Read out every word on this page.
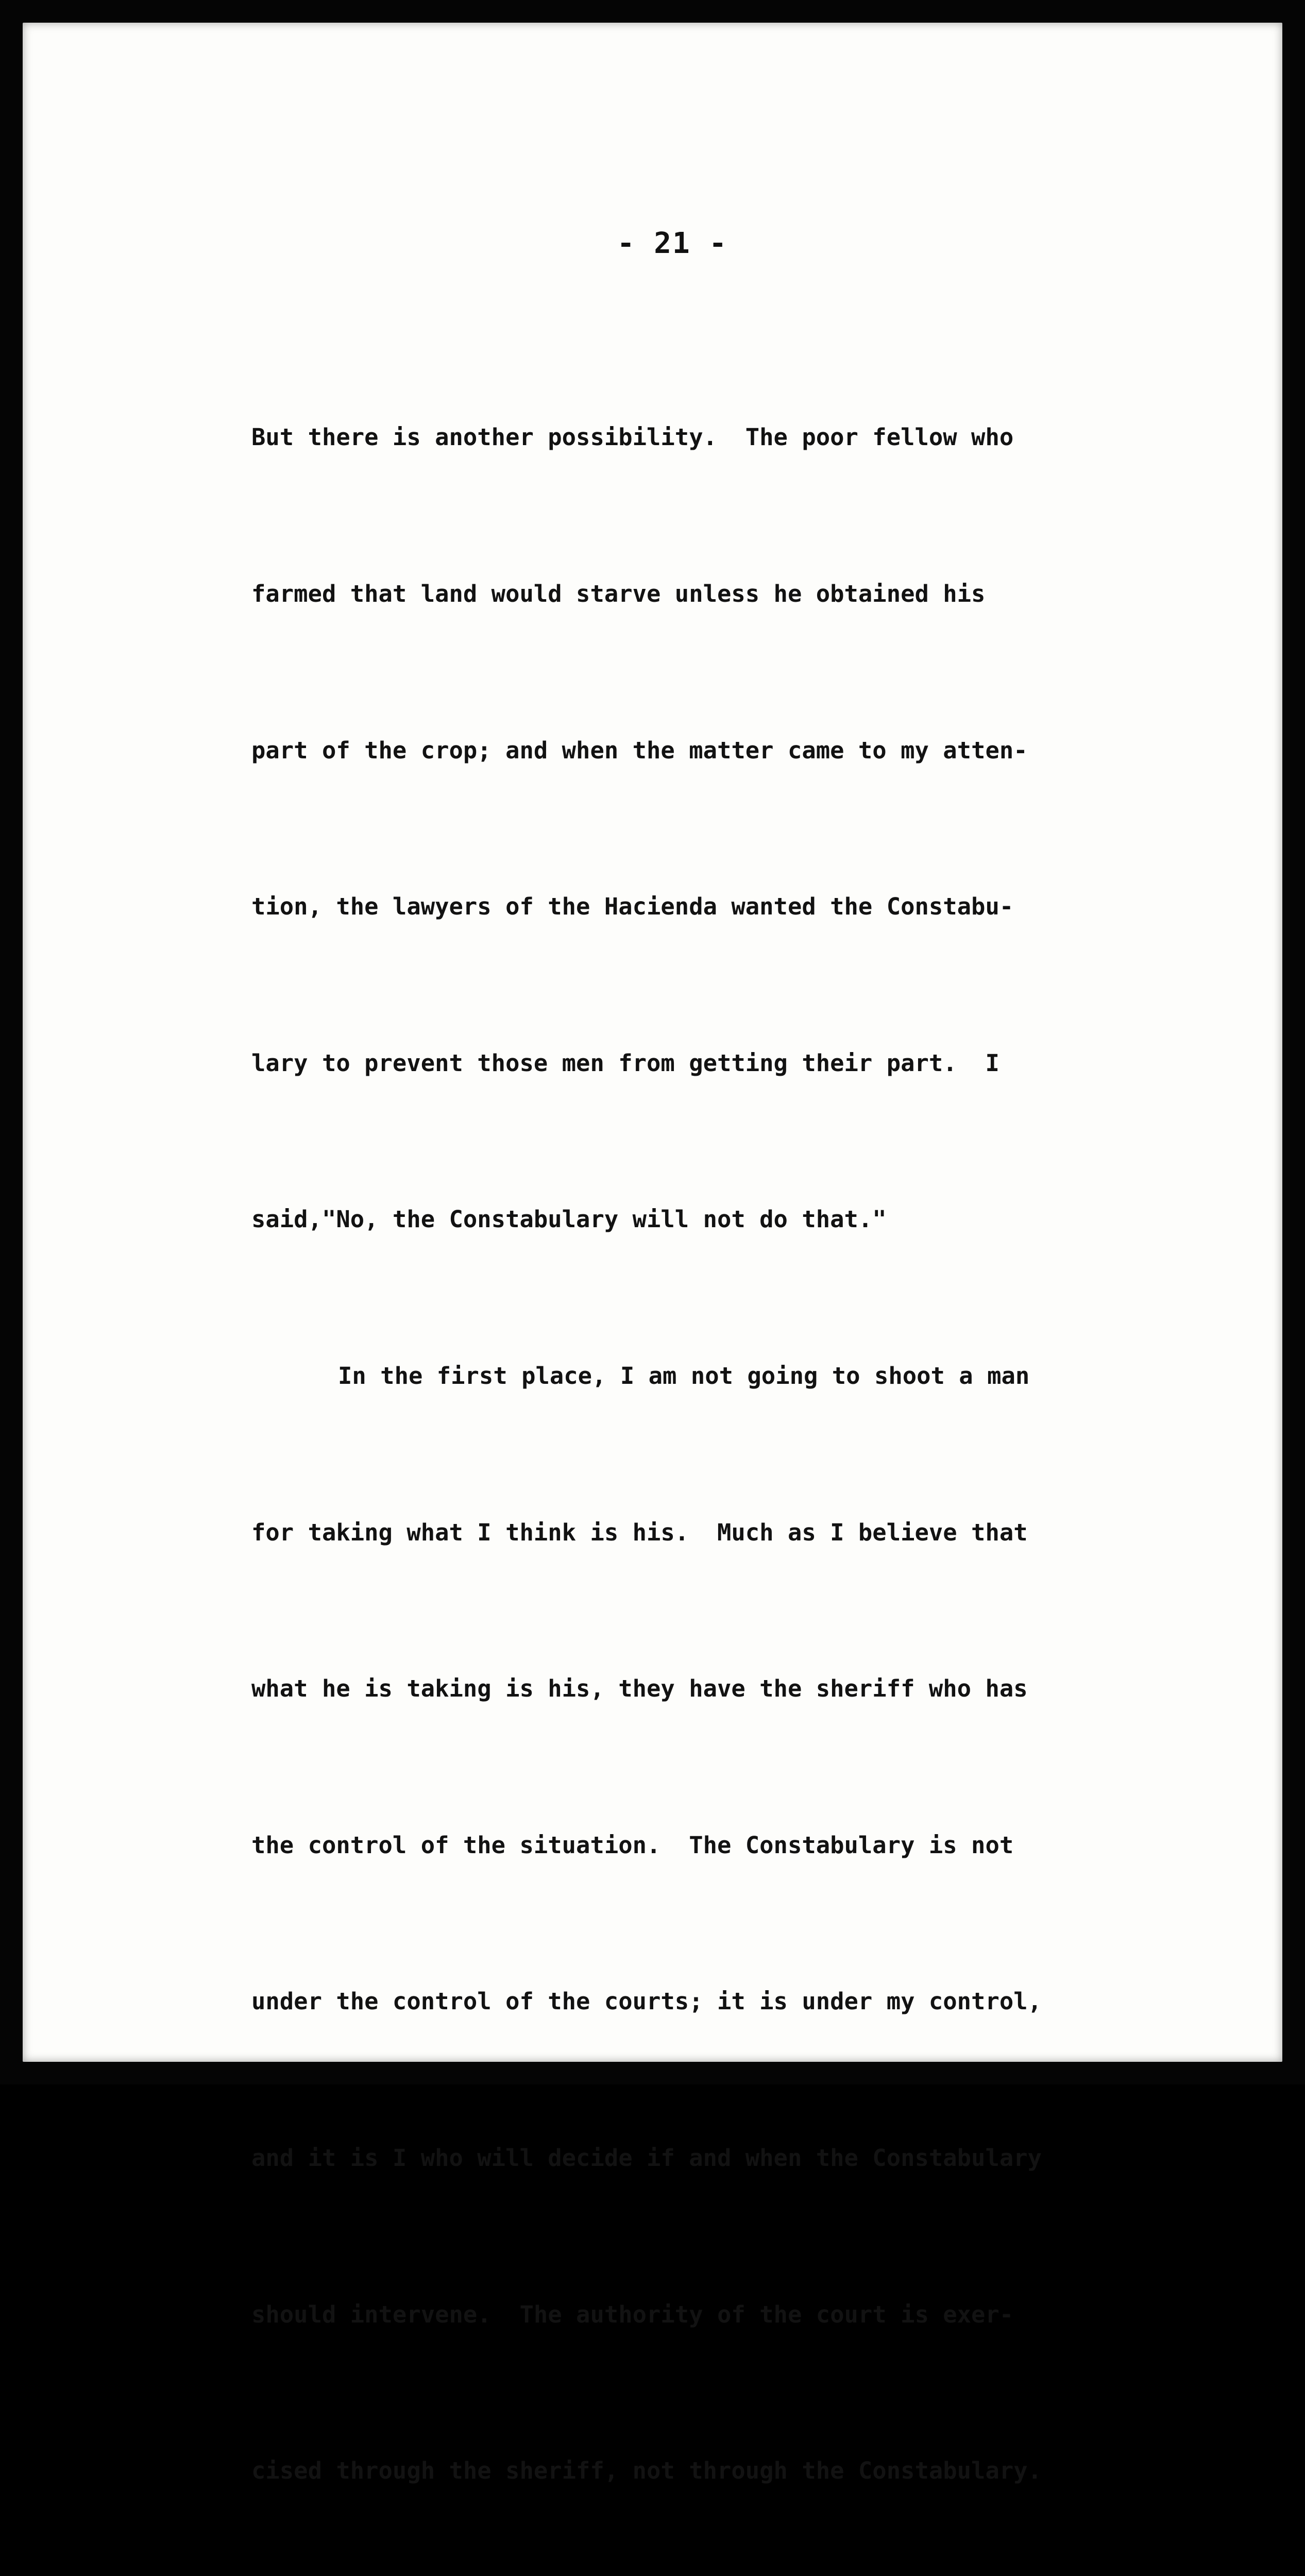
- 21 -

But there is another possibility.  The poor fellow who

farmed that land would starve unless he obtained his

part of the crop; and when the matter came to my atten-

tion, the lawyers of the Hacienda wanted the Constabu-

lary to prevent those men from getting their part.  I

said,"No, the Constabulary will not do that."

In the first place, I am not going to shoot a man

for taking what I think is his.  Much as I believe that

what he is taking is his, they have the sheriff who has

the control of the situation.  The Constabulary is not

under the control of the courts; it is under my control,

and it is I who will decide if and when the Constabulary

should intervene.  The authority of the court is exer-

cised through the sheriff, not through the Constabulary.
